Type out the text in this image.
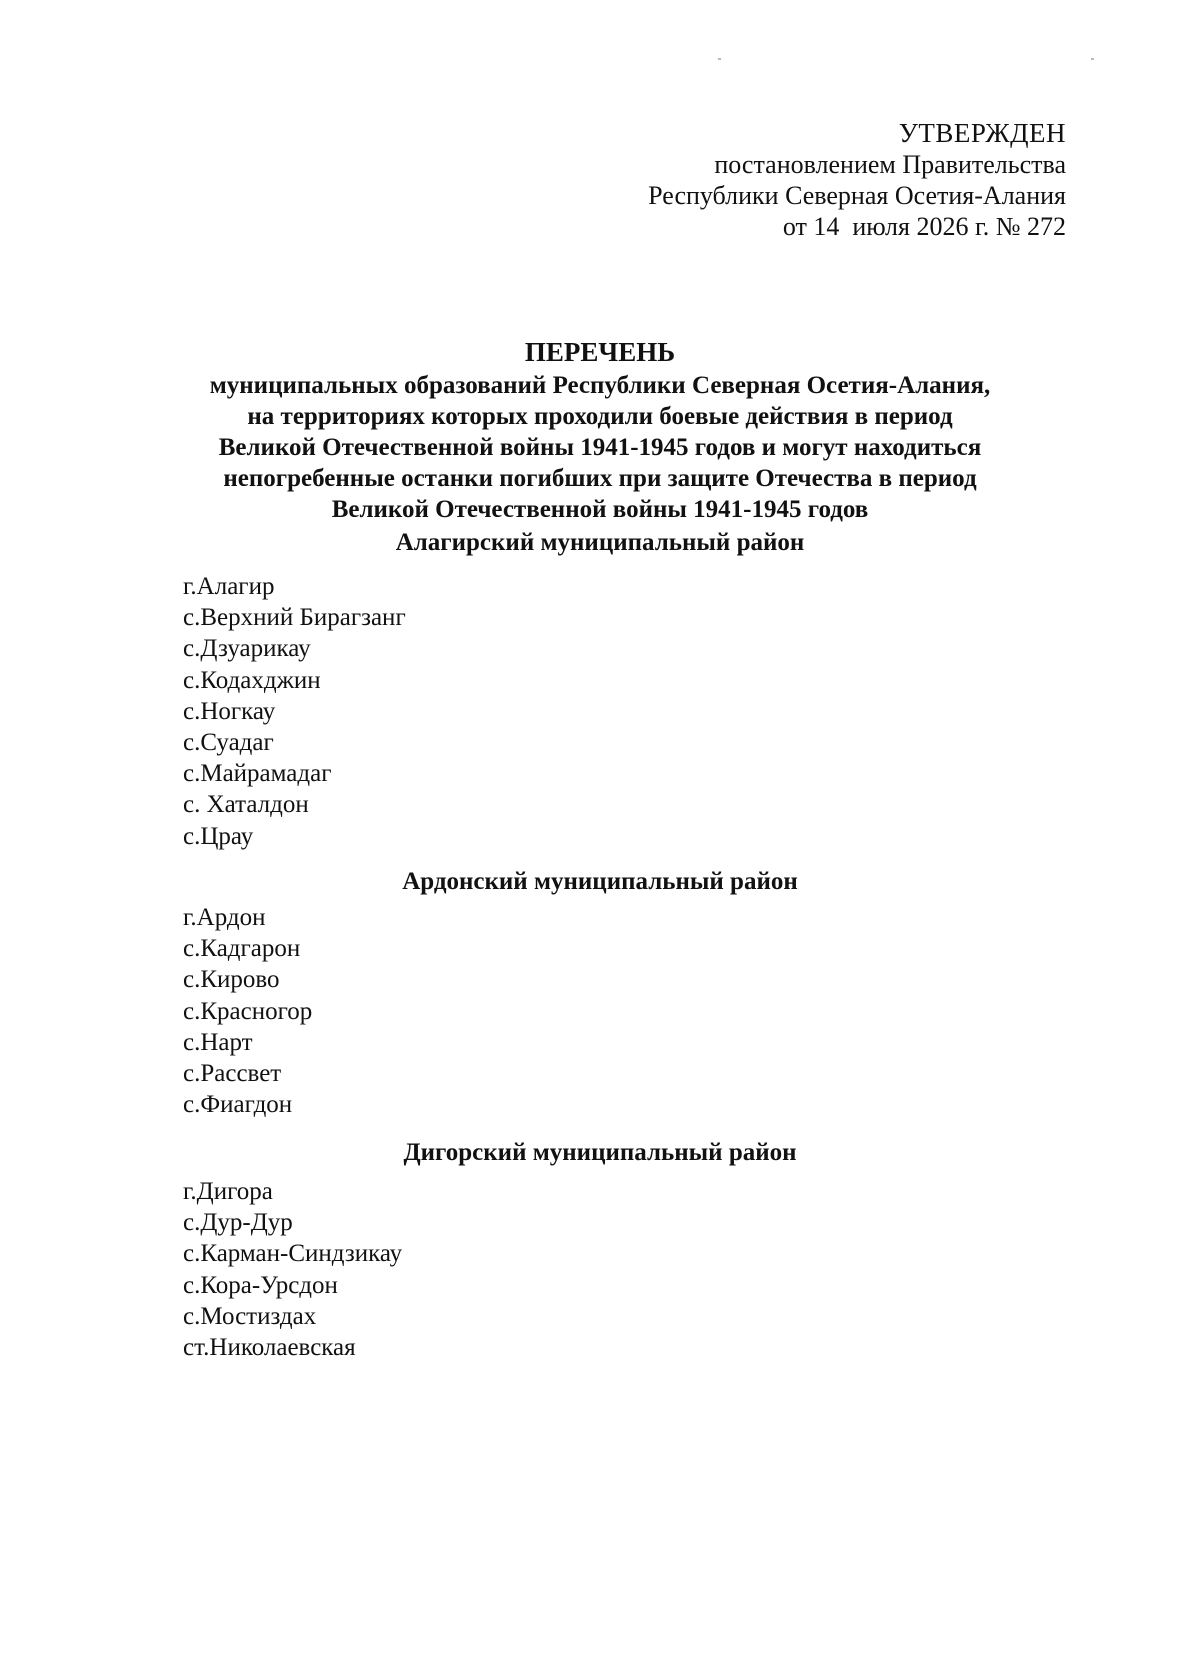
УТВЕРЖДЕН
постановлением Правительства
Республики Северная Осетия-Алания
от 14  июля 2026 г. № 272
ПЕРЕЧЕНЬ
муниципальных образований Республики Северная Осетия-Алания,
на территориях которых проходили боевые действия в период
Великой Отечественной войны 1941-1945 годов и могут находиться
непогребенные останки погибших при защите Отечества в период
Великой Отечественной войны 1941-1945 годов
Алагирский муниципальный район
г.Алагир
с.Верхний Бирагзанг
с.Дзуарикау
с.Кодахджин
с.Ногкау
с.Суадаг
с.Майрамадаг
с. Хаталдон
с.Црау
Ардонский муниципальный район
г.Ардон
с.Кадгарон
с.Кирово
с.Красногор
с.Нарт
с.Рассвет
с.Фиагдон
Дигорский муниципальный район
г.Дигора
с.Дур-Дур
с.Карман-Синдзикау
с.Кора-Урсдон
с.Мостиздах
ст.Николаевская
